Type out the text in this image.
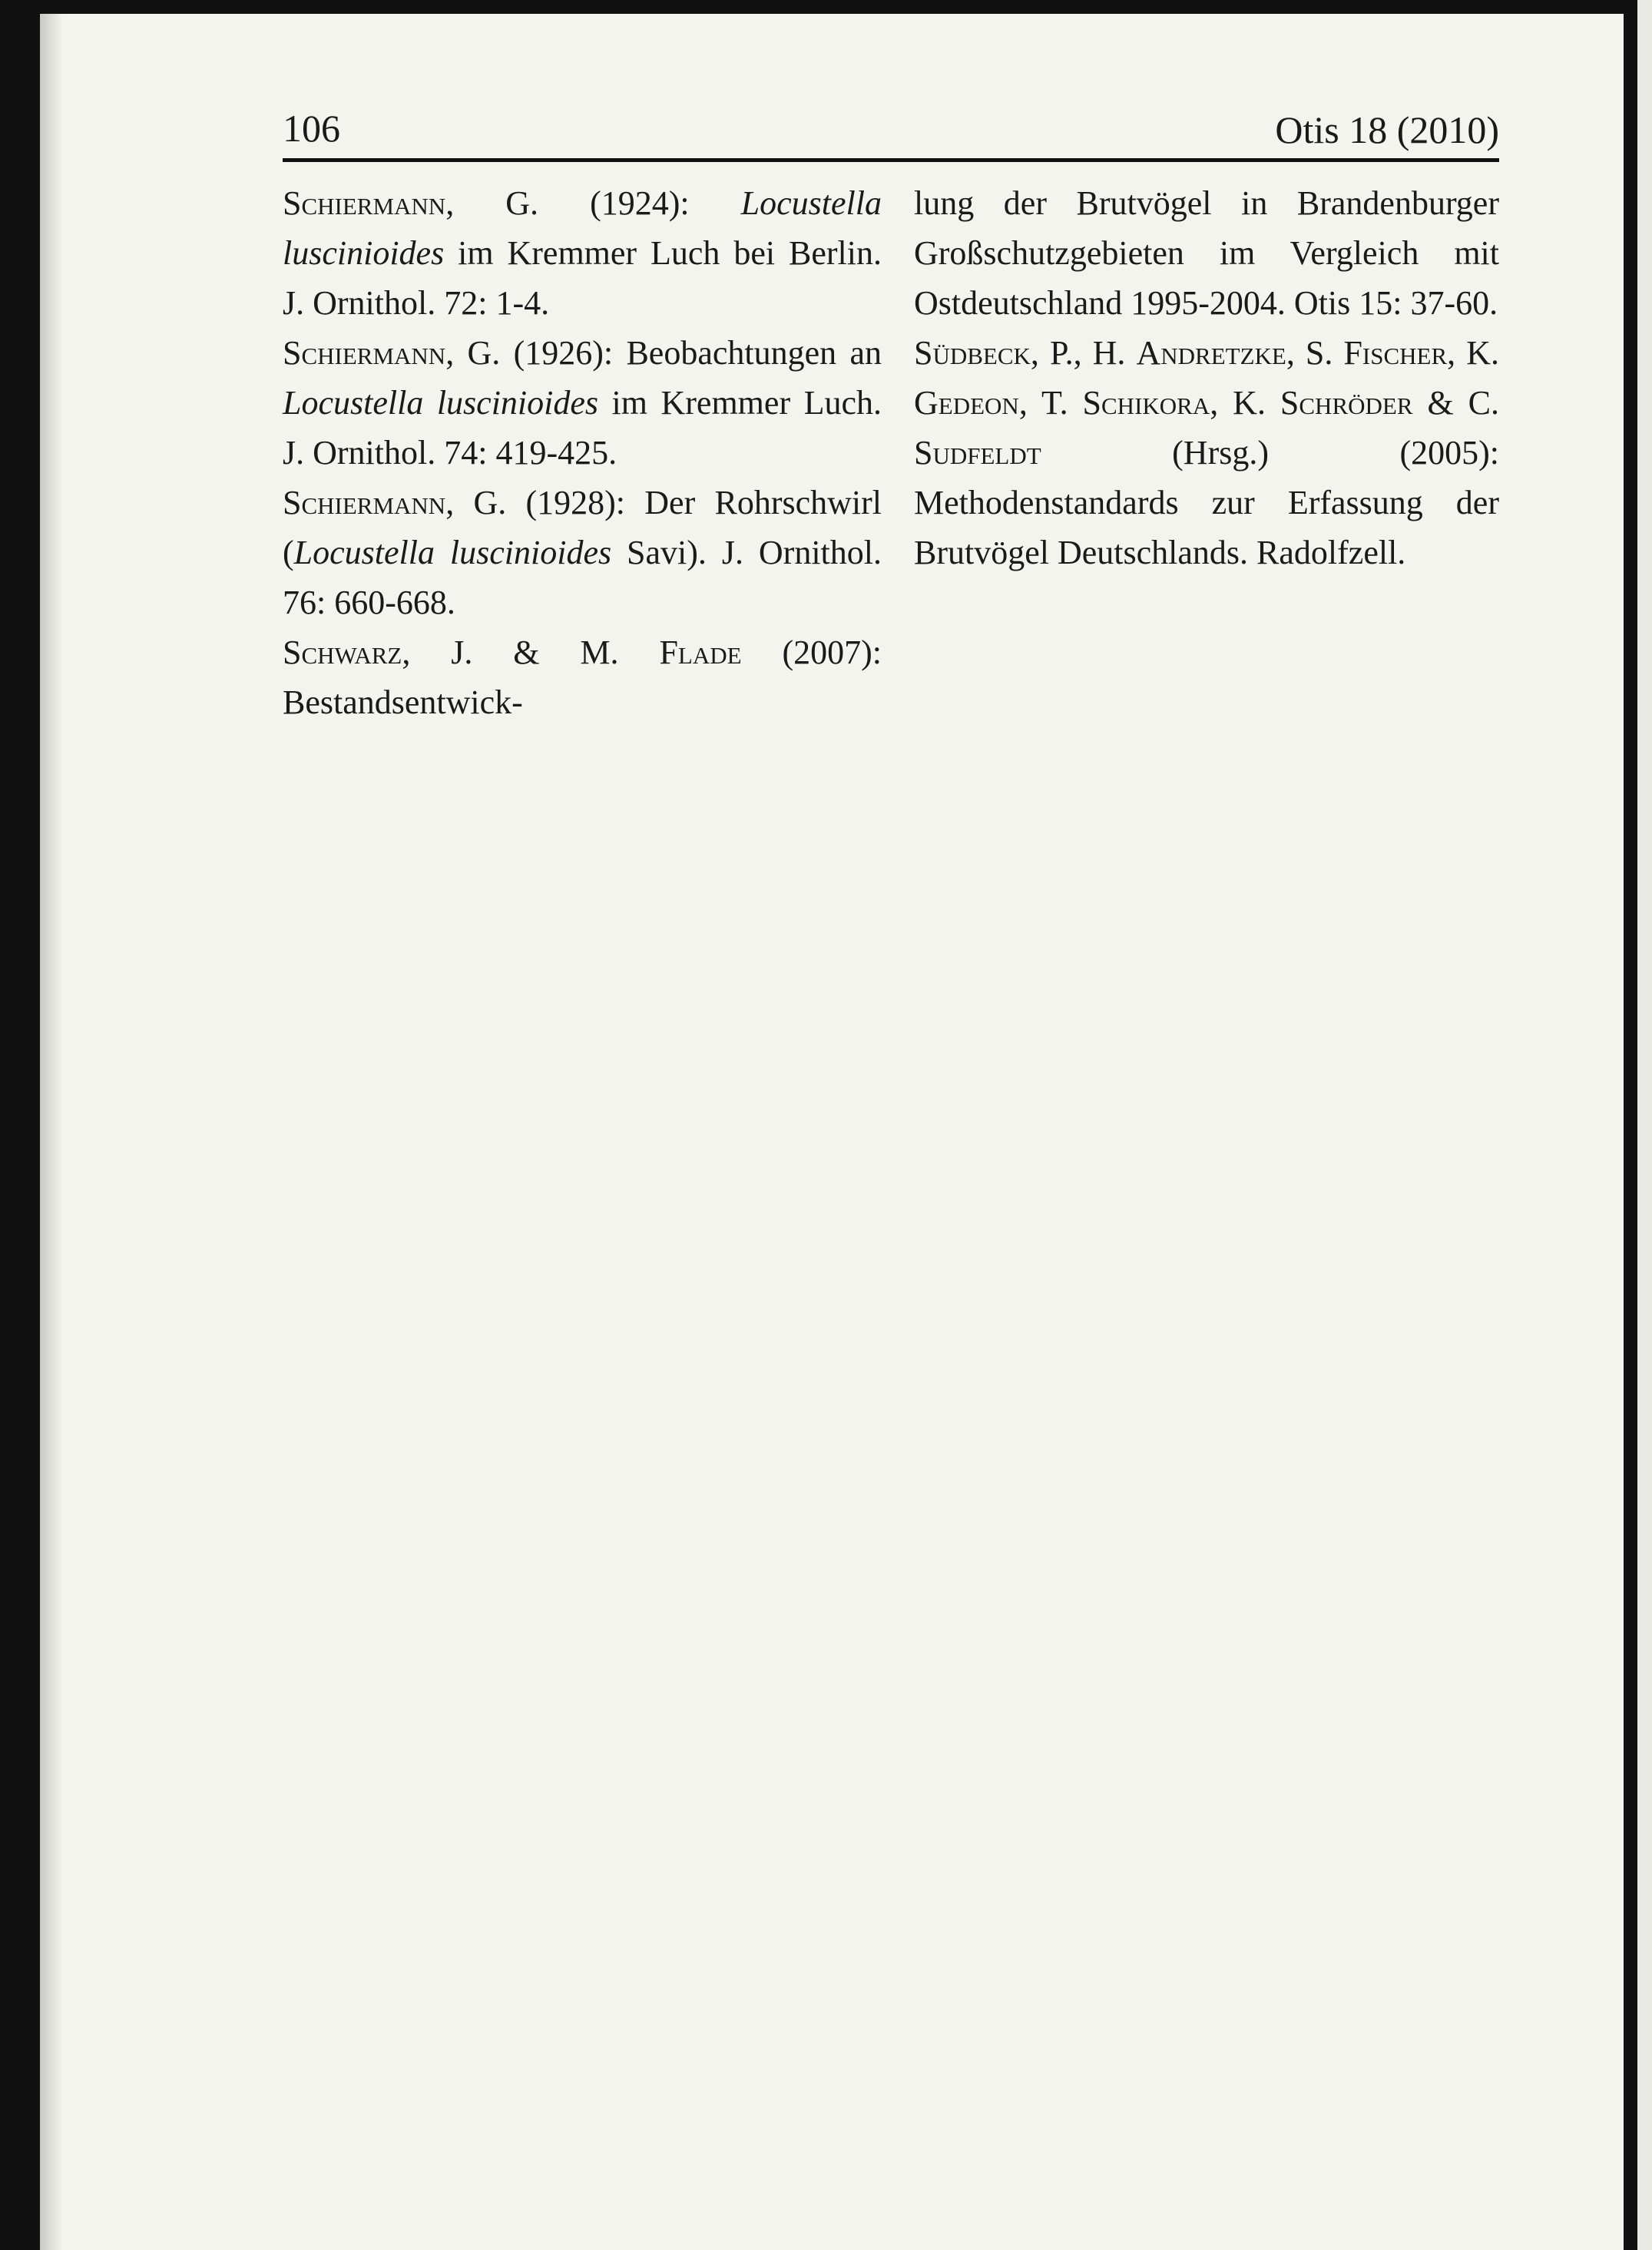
106	Otis 18 (2010)

Schiermann, G. (1924): Locustella luscinioides im Kremmer Luch bei Berlin. J. Ornithol. 72: 1-4.

Schiermann, G. (1926): Beobachtungen an Locustella luscinioides im Kremmer Luch. J. Ornithol. 74: 419-425.

Schiermann, G. (1928): Der Rohrschwirl (Locustella luscinioides Savi). J. Ornithol. 76: 660-668.

Schwarz, J. & M. Flade (2007): Bestandsentwick-

lung der Brutvögel in Brandenburger Großschutzgebieten im Vergleich mit Ostdeutschland 1995-2004. Otis 15: 37-60.

Südbeck, P., H. Andretzke, S. Fischer, K. Gedeon, T. Schikora, K. Schröder & C. Sudfeldt (Hrsg.) (2005): Methodenstandards zur Erfassung der Brutvögel Deutschlands. Radolfzell.
